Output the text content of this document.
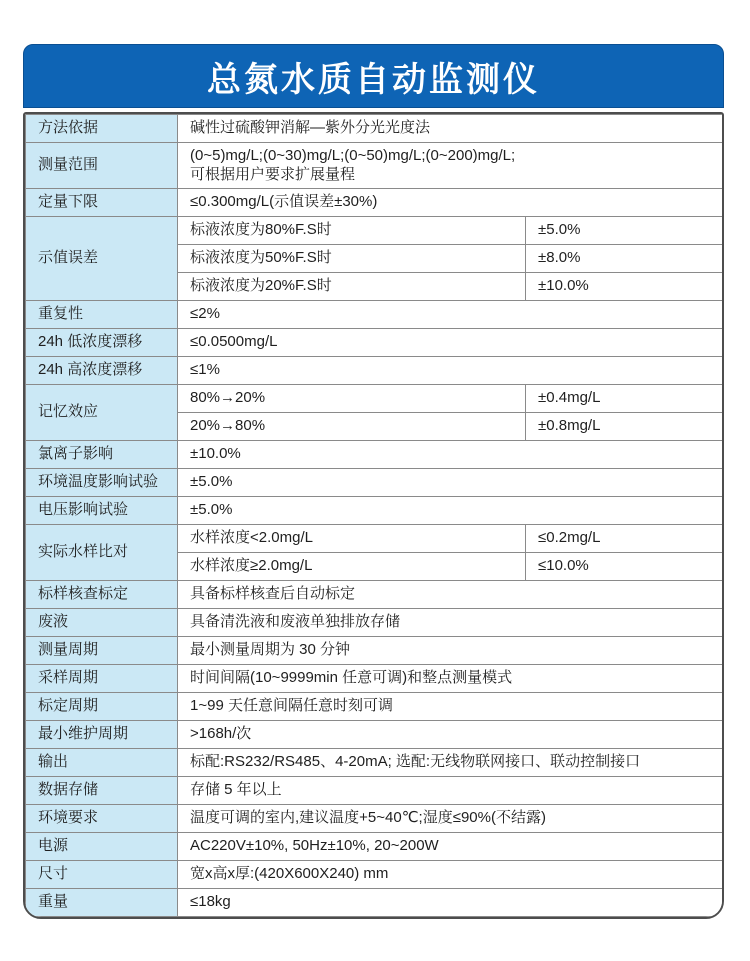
总氮水质自动监测仪
方法依据	碱性过硫酸钾消解—紫外分光光度法	
测量范围	(0~5)mg/L;(0~30)mg/L;(0~50)mg/L;(0~200)mg/L;
可根据用户要求扩展量程	

定量下限	≤0.300mg/L(示值误差±30%)	
示值误差	标液浓度为80%F.S时	±5.0%
	标液浓度为50%F.S时	±8.0%
	标液浓度为20%F.S时	±10.0%
重复性	≤2%	
24h 低浓度漂移	≤0.0500mg/L	
24h 高浓度漂移	≤1%	
记忆效应	80%→20%	±0.4mg/L
	20%→80%	±0.8mg/L
氯离子影响	±10.0%	
环境温度影响试验	±5.0%	
电压影响试验	±5.0%	
实际水样比对	水样浓度<2.0mg/L	≤0.2mg/L
	水样浓度≥2.0mg/L	≤10.0%
标样核查标定	具备标样核查后自动标定	
废液	具备清洗液和废液单独排放存储	
测量周期	最小测量周期为 30 分钟	
采样周期	时间间隔(10~9999min 任意可调)和整点测量模式	
标定周期	1~99 天任意间隔任意时刻可调	
最小维护周期	>168h/次	
输出	标配:RS232/RS485、4-20mA; 选配:无线物联网接口、联动控制接口	
数据存储	存储 5 年以上	
环境要求	温度可调的室内,建议温度+5~40℃;湿度≤90%(不结露)	
电源	AC220V±10%, 50Hz±10%, 20~200W	
尺寸	宽x高x厚:(420X600X240) mm	
重量	≤18kg	
